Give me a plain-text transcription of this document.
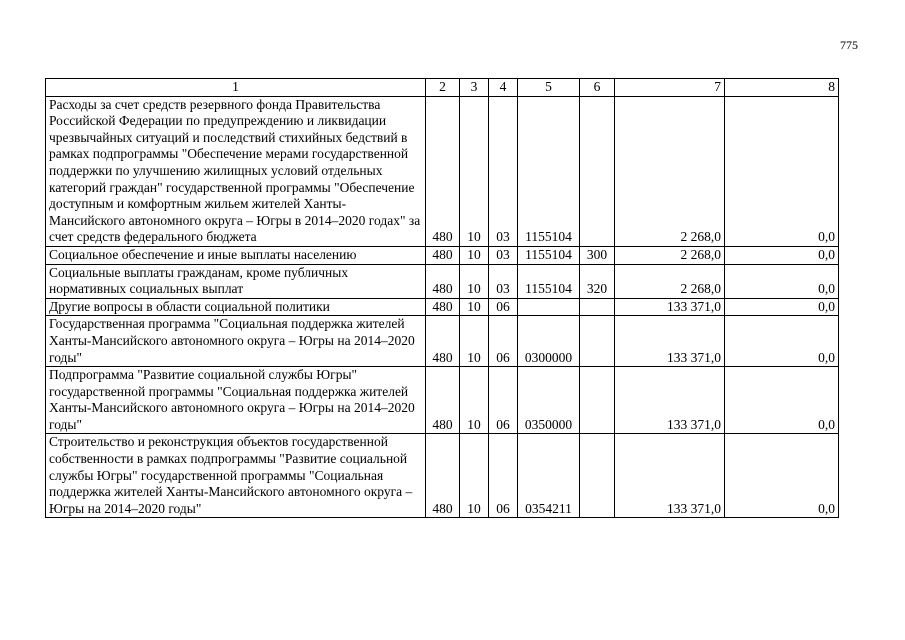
775
1	2	3	4	5	6	7	8
Расходы за счет средств резервного фонда Правительства Российской Федерации по предупреждению и ликвидации чрезвычайных ситуаций и последствий стихийных бедствий в рамках подпрограммы "Обеспечение мерами государственной поддержки по улучшению жилищных условий отдельных категорий граждан" государственной программы "Обеспечение доступным и комфортным жильем жителей Ханты-Мансийского автономного округа – Югры в 2014–2020 годах" за счет средств федерального бюджета	480	10	03	1155104		2 268,0	0,0
Социальное обеспечение и иные выплаты населению	480	10	03	1155104	300	2 268,0	0,0
Социальные выплаты гражданам, кроме публичных нормативных социальных выплат	480	10	03	1155104	320	2 268,0	0,0
Другие вопросы в области социальной политики	480	10	06			133 371,0	0,0
Государственная программа "Социальная поддержка жителей Ханты-Мансийского автономного округа – Югры на 2014–2020 годы"	480	10	06	0300000		133 371,0	0,0
Подпрограмма "Развитие социальной службы Югры" государственной программы "Социальная поддержка жителей Ханты-Мансийского автономного округа – Югры на 2014–2020 годы"	480	10	06	0350000		133 371,0	0,0
Строительство и реконструкция объектов государственной собственности в рамках подпрограммы "Развитие социальной службы Югры" государственной программы "Социальная поддержка жителей Ханты-Мансийского автономного округа – Югры на 2014–2020 годы"	480	10	06	0354211		133 371,0	0,0
